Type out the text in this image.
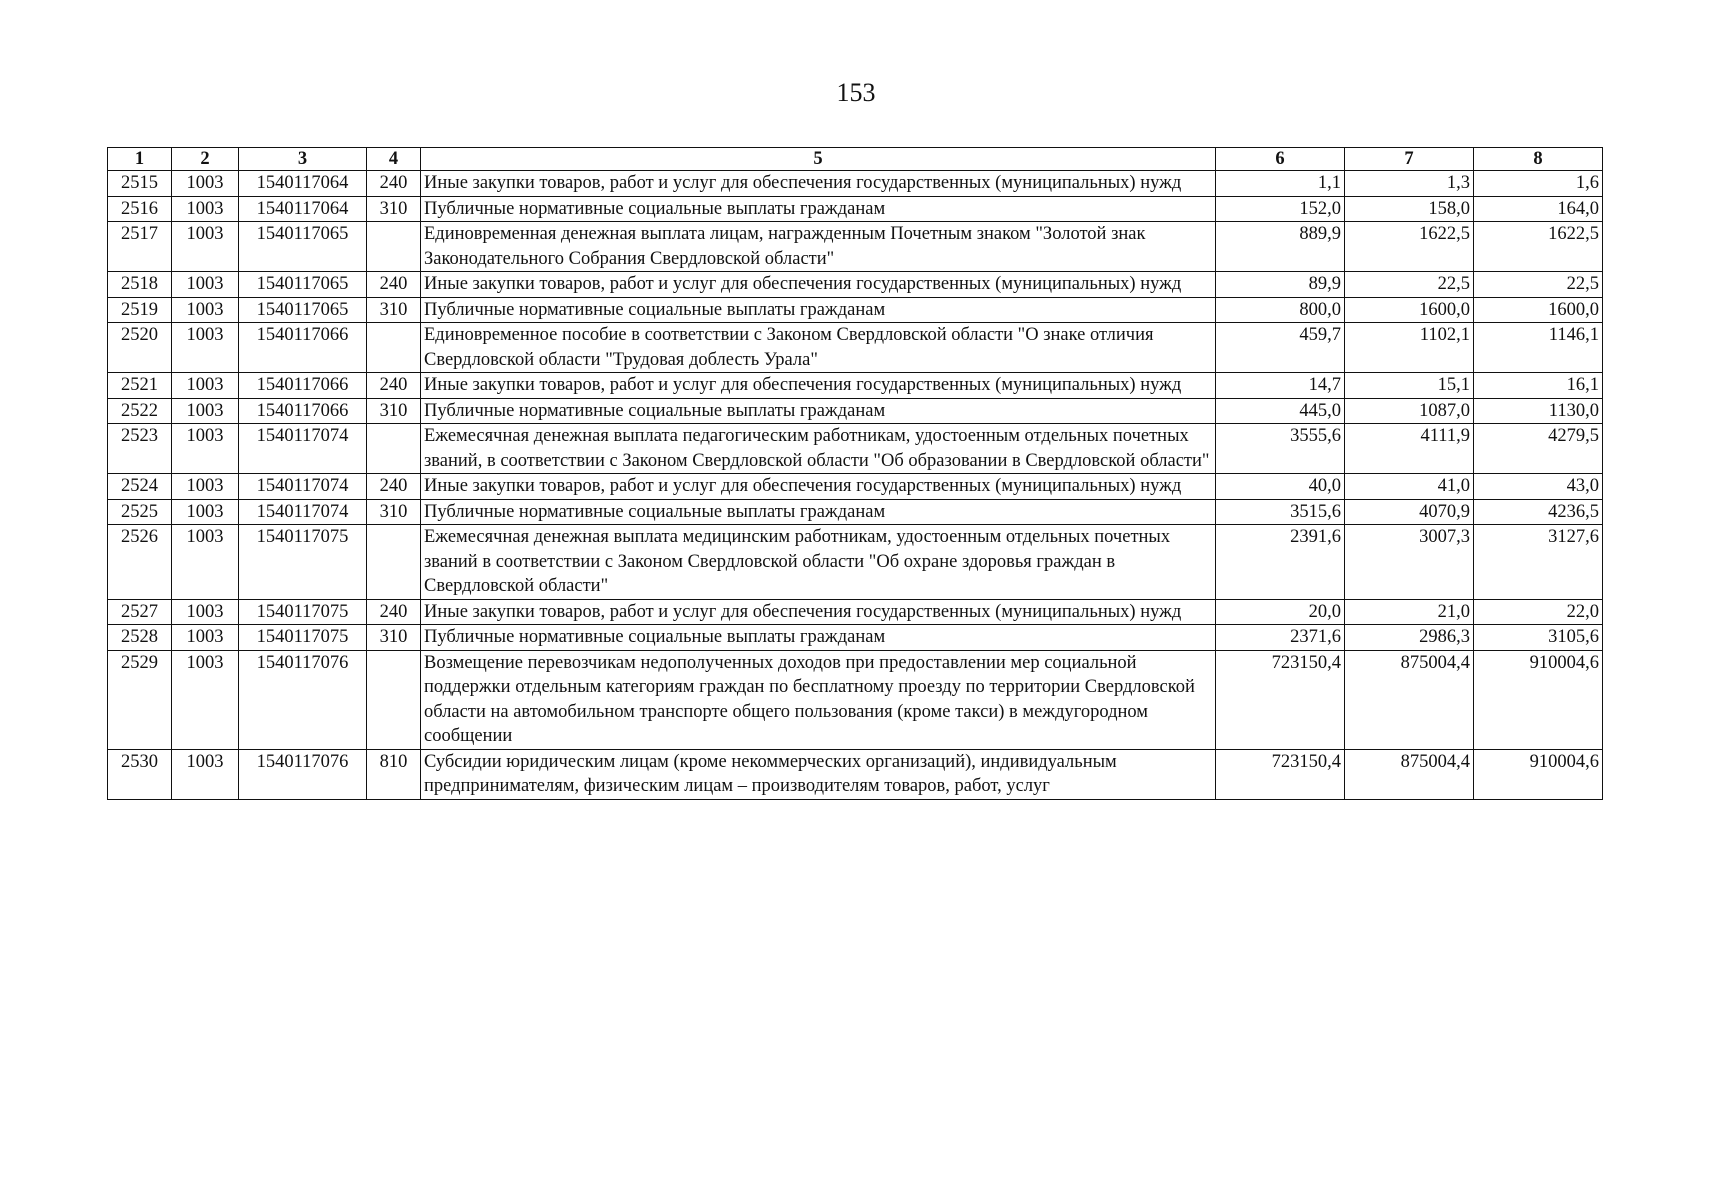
153
1	2	3	4	5	6	7	8
2515	1003	1540117064	240	Иные закупки товаров, работ и услуг для обеспечения государственных (муниципальных) нужд	1,1	1,3	1,6
2516	1003	1540117064	310	Публичные нормативные социальные выплаты гражданам	152,0	158,0	164,0
2517	1003	1540117065		Единовременная денежная выплата лицам, награжденным Почетным знаком "Золотой знак Законодательного Собрания Свердловской области"	889,9	1622,5	1622,5
2518	1003	1540117065	240	Иные закупки товаров, работ и услуг для обеспечения государственных (муниципальных) нужд	89,9	22,5	22,5
2519	1003	1540117065	310	Публичные нормативные социальные выплаты гражданам	800,0	1600,0	1600,0
2520	1003	1540117066		Единовременное пособие в соответствии с Законом Свердловской области "О знаке отличия Свердловской области "Трудовая доблесть Урала"	459,7	1102,1	1146,1
2521	1003	1540117066	240	Иные закупки товаров, работ и услуг для обеспечения государственных (муниципальных) нужд	14,7	15,1	16,1
2522	1003	1540117066	310	Публичные нормативные социальные выплаты гражданам	445,0	1087,0	1130,0
2523	1003	1540117074		Ежемесячная денежная выплата педагогическим работникам, удостоенным отдельных почетных званий, в соответствии с Законом Свердловской области "Об образовании в Свердловской области"	3555,6	4111,9	4279,5
2524	1003	1540117074	240	Иные закупки товаров, работ и услуг для обеспечения государственных (муниципальных) нужд	40,0	41,0	43,0
2525	1003	1540117074	310	Публичные нормативные социальные выплаты гражданам	3515,6	4070,9	4236,5
2526	1003	1540117075		Ежемесячная денежная выплата медицинским работникам, удостоенным отдельных почетных званий в соответствии с Законом Свердловской области "Об охране здоровья граждан в Свердловской области"	2391,6	3007,3	3127,6
2527	1003	1540117075	240	Иные закупки товаров, работ и услуг для обеспечения государственных (муниципальных) нужд	20,0	21,0	22,0
2528	1003	1540117075	310	Публичные нормативные социальные выплаты гражданам	2371,6	2986,3	3105,6
2529	1003	1540117076		Возмещение перевозчикам недополученных доходов при предоставлении мер социальной поддержки отдельным категориям граждан по бесплатному проезду по территории Свердловской области на автомобильном транспорте общего пользования (кроме такси) в междугородном сообщении	723150,4	875004,4	910004,6
2530	1003	1540117076	810	Субсидии юридическим лицам (кроме некоммерческих организаций), индивидуальным предпринимателям, физическим лицам – производителям товаров, работ, услуг	723150,4	875004,4	910004,6
